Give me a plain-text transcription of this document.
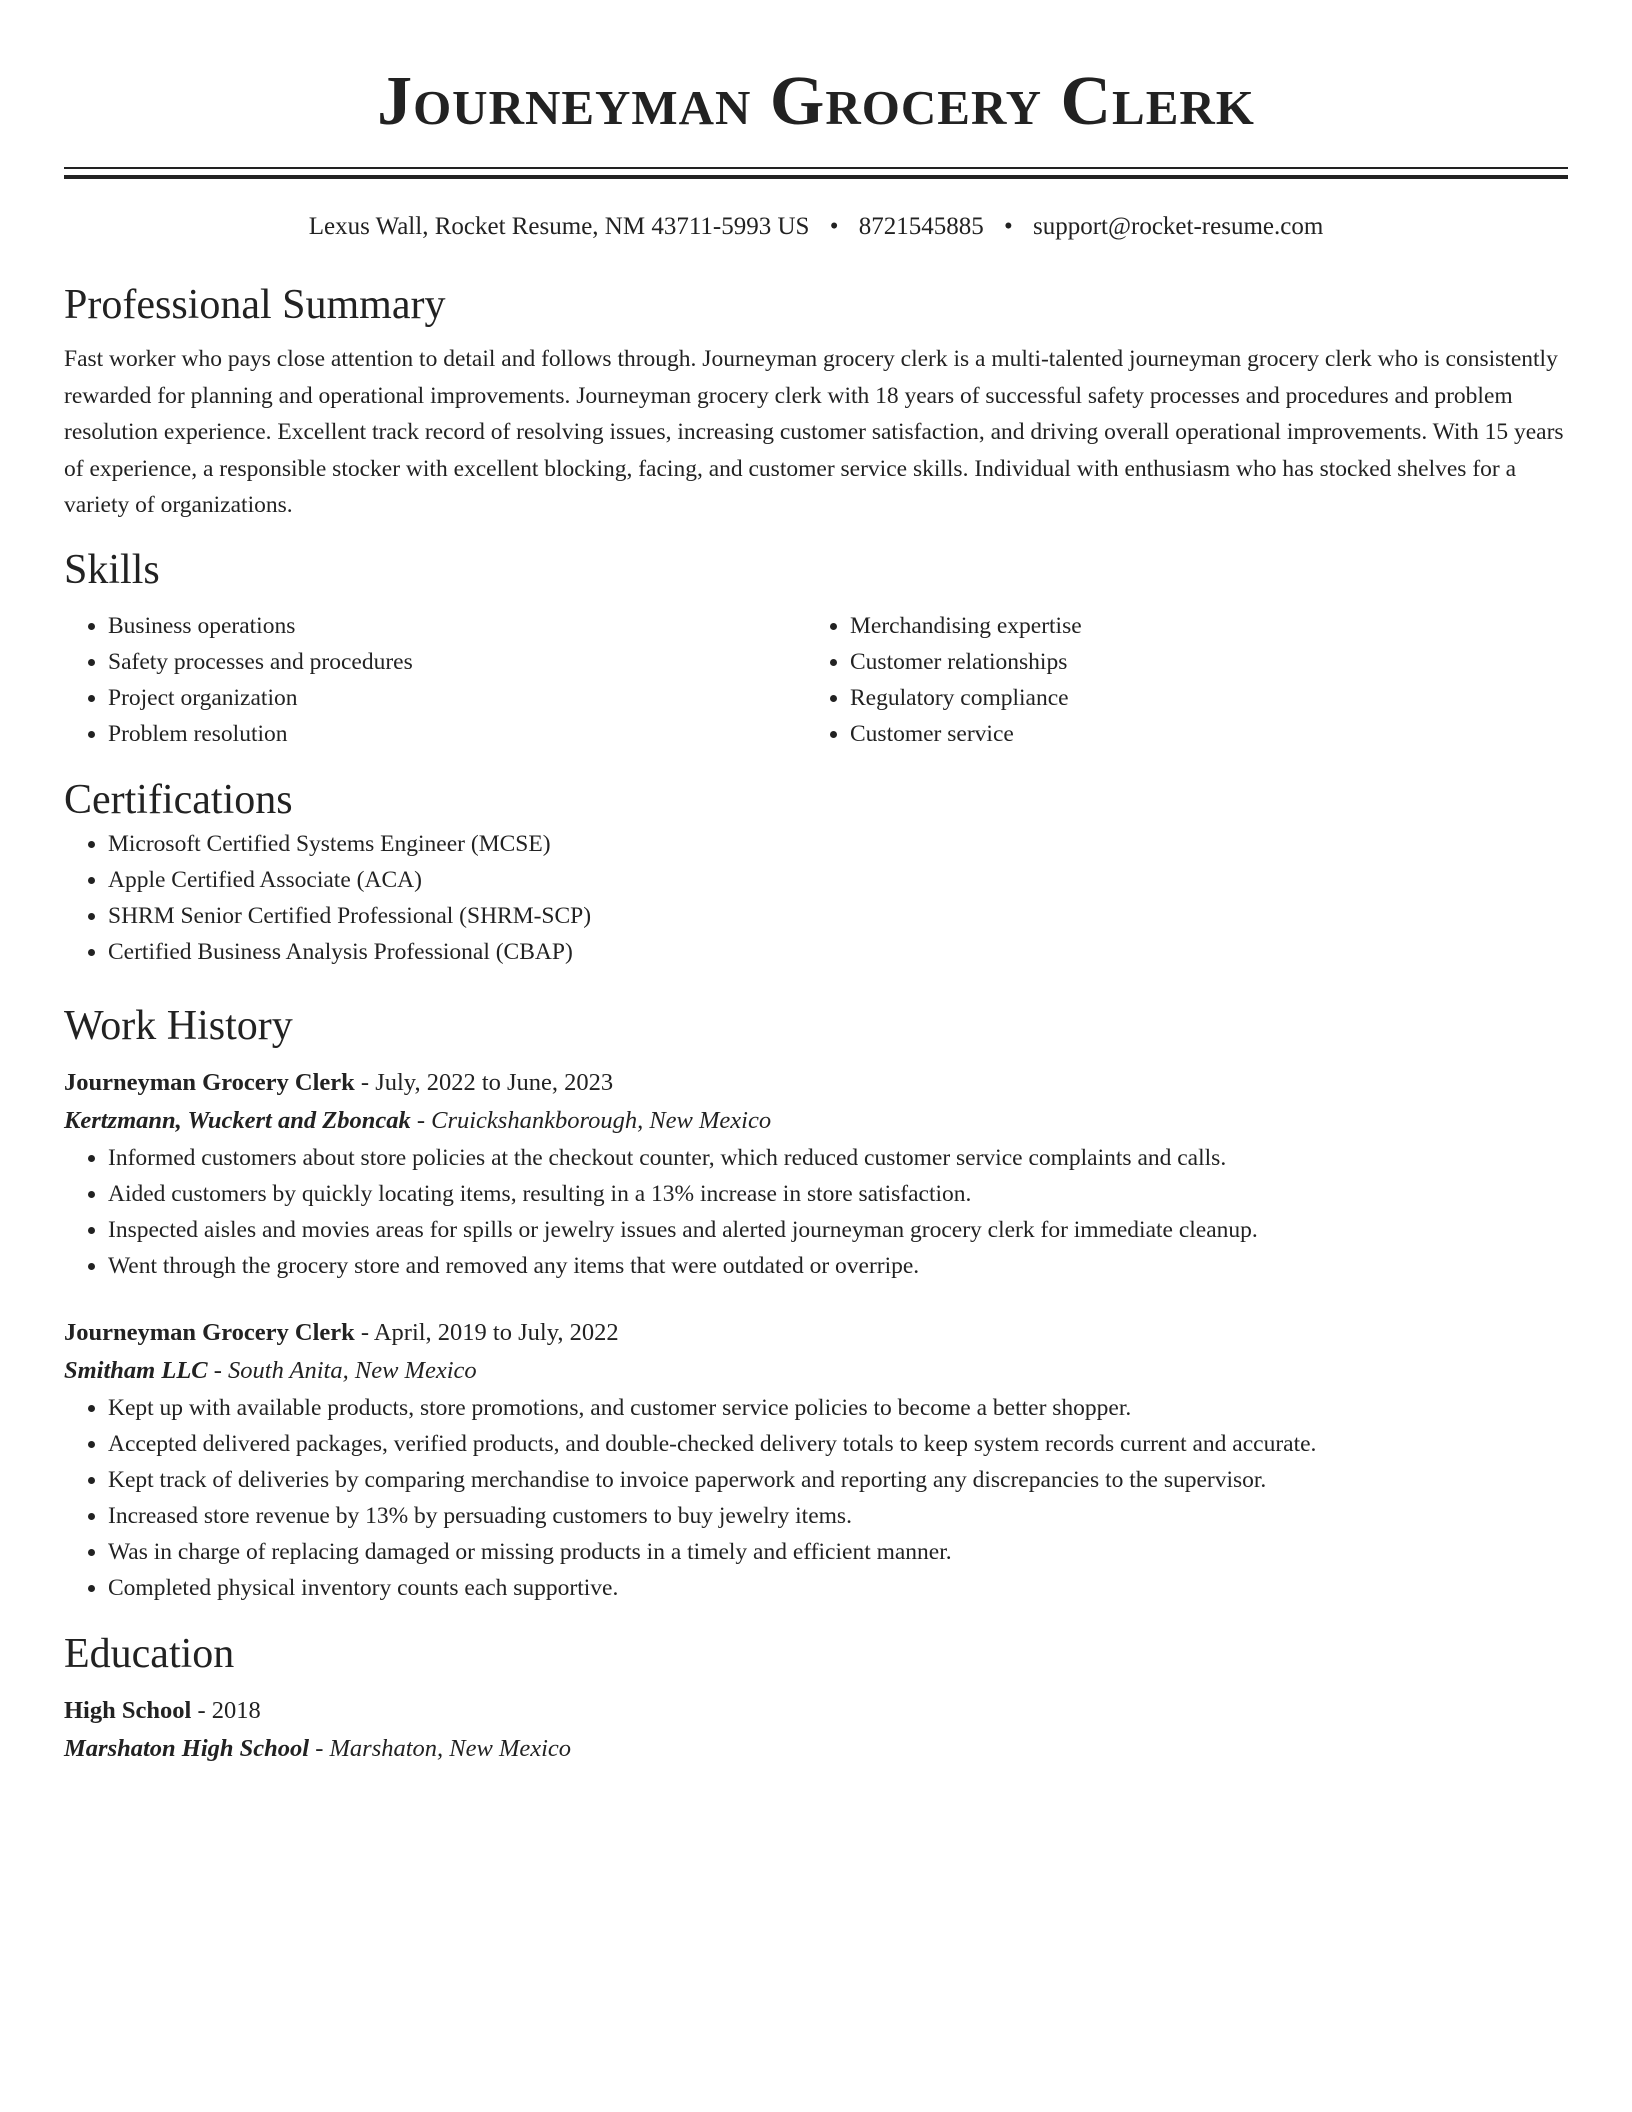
Journeyman Grocery Clerk
Lexus Wall, Rocket Resume, NM 43711-5993 US • 8721545885 • support@rocket-resume.com
Professional Summary

Fast worker who pays close attention to detail and follows through. Journeyman grocery clerk is a multi-talented journeyman grocery clerk who is consistently rewarded for planning and operational improvements. Journeyman grocery clerk with 18 years of successful safety processes and procedures and problem resolution experience. Excellent track record of resolving issues, increasing customer satisfaction, and driving overall operational improvements. With 15 years of experience, a responsible stocker with excellent blocking, facing, and customer service skills. Individual with enthusiasm who has stocked shelves for a variety of organizations.

Skills
• Business operations
• Safety processes and procedures
• Project organization
• Problem resolution
• Merchandising expertise
• Customer relationships
• Regulatory compliance
• Customer service
Certifications
• Microsoft Certified Systems Engineer (MCSE)
• Apple Certified Associate (ACA)
• SHRM Senior Certified Professional (SHRM-SCP)
• Certified Business Analysis Professional (CBAP)
Work History
Journeyman Grocery Clerk - July, 2022 to June, 2023
Kertzmann, Wuckert and Zboncak - Cruickshankborough, New Mexico
• Informed customers about store policies at the checkout counter, which reduced customer service complaints and calls.
• Aided customers by quickly locating items, resulting in a 13% increase in store satisfaction.
• Inspected aisles and movies areas for spills or jewelry issues and alerted journeyman grocery clerk for immediate cleanup.
• Went through the grocery store and removed any items that were outdated or overripe.
Journeyman Grocery Clerk - April, 2019 to July, 2022
Smitham LLC - South Anita, New Mexico
• Kept up with available products, store promotions, and customer service policies to become a better shopper.
• Accepted delivered packages, verified products, and double-checked delivery totals to keep system records current and accurate.
• Kept track of deliveries by comparing merchandise to invoice paperwork and reporting any discrepancies to the supervisor.
• Increased store revenue by 13% by persuading customers to buy jewelry items.
• Was in charge of replacing damaged or missing products in a timely and efficient manner.
• Completed physical inventory counts each supportive.
Education
High School - 2018
Marshaton High School - Marshaton, New Mexico
